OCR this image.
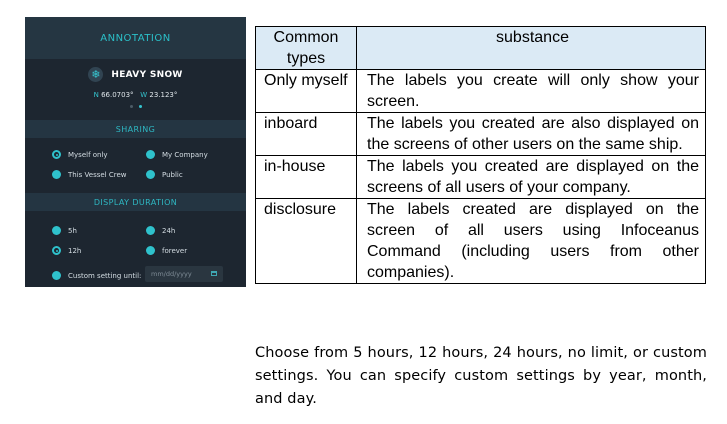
ANNOTATION
❄	HEAVY SNOW
N 66.0703° W 23.123°
SHARING
Myself only	My Company
This Vessel Crew	Public
DISPLAY DURATION
5h	24h
12h	forever
Custom setting until: mm/dd/yyyy
Common types	substance
Only myself	The labels you create will only show your screen.
inboard	The labels you created are also displayed on the screens of other users on the same ship.
in-house	The labels you created are displayed on the screens of all users of your company.
disclosure	The labels created are displayed on the screen of all users using Infoceanus Command (including users from other companies).

Choose from 5 hours, 12 hours, 24 hours, no limit, or custom settings. You can specify custom settings by year, month, and day.
